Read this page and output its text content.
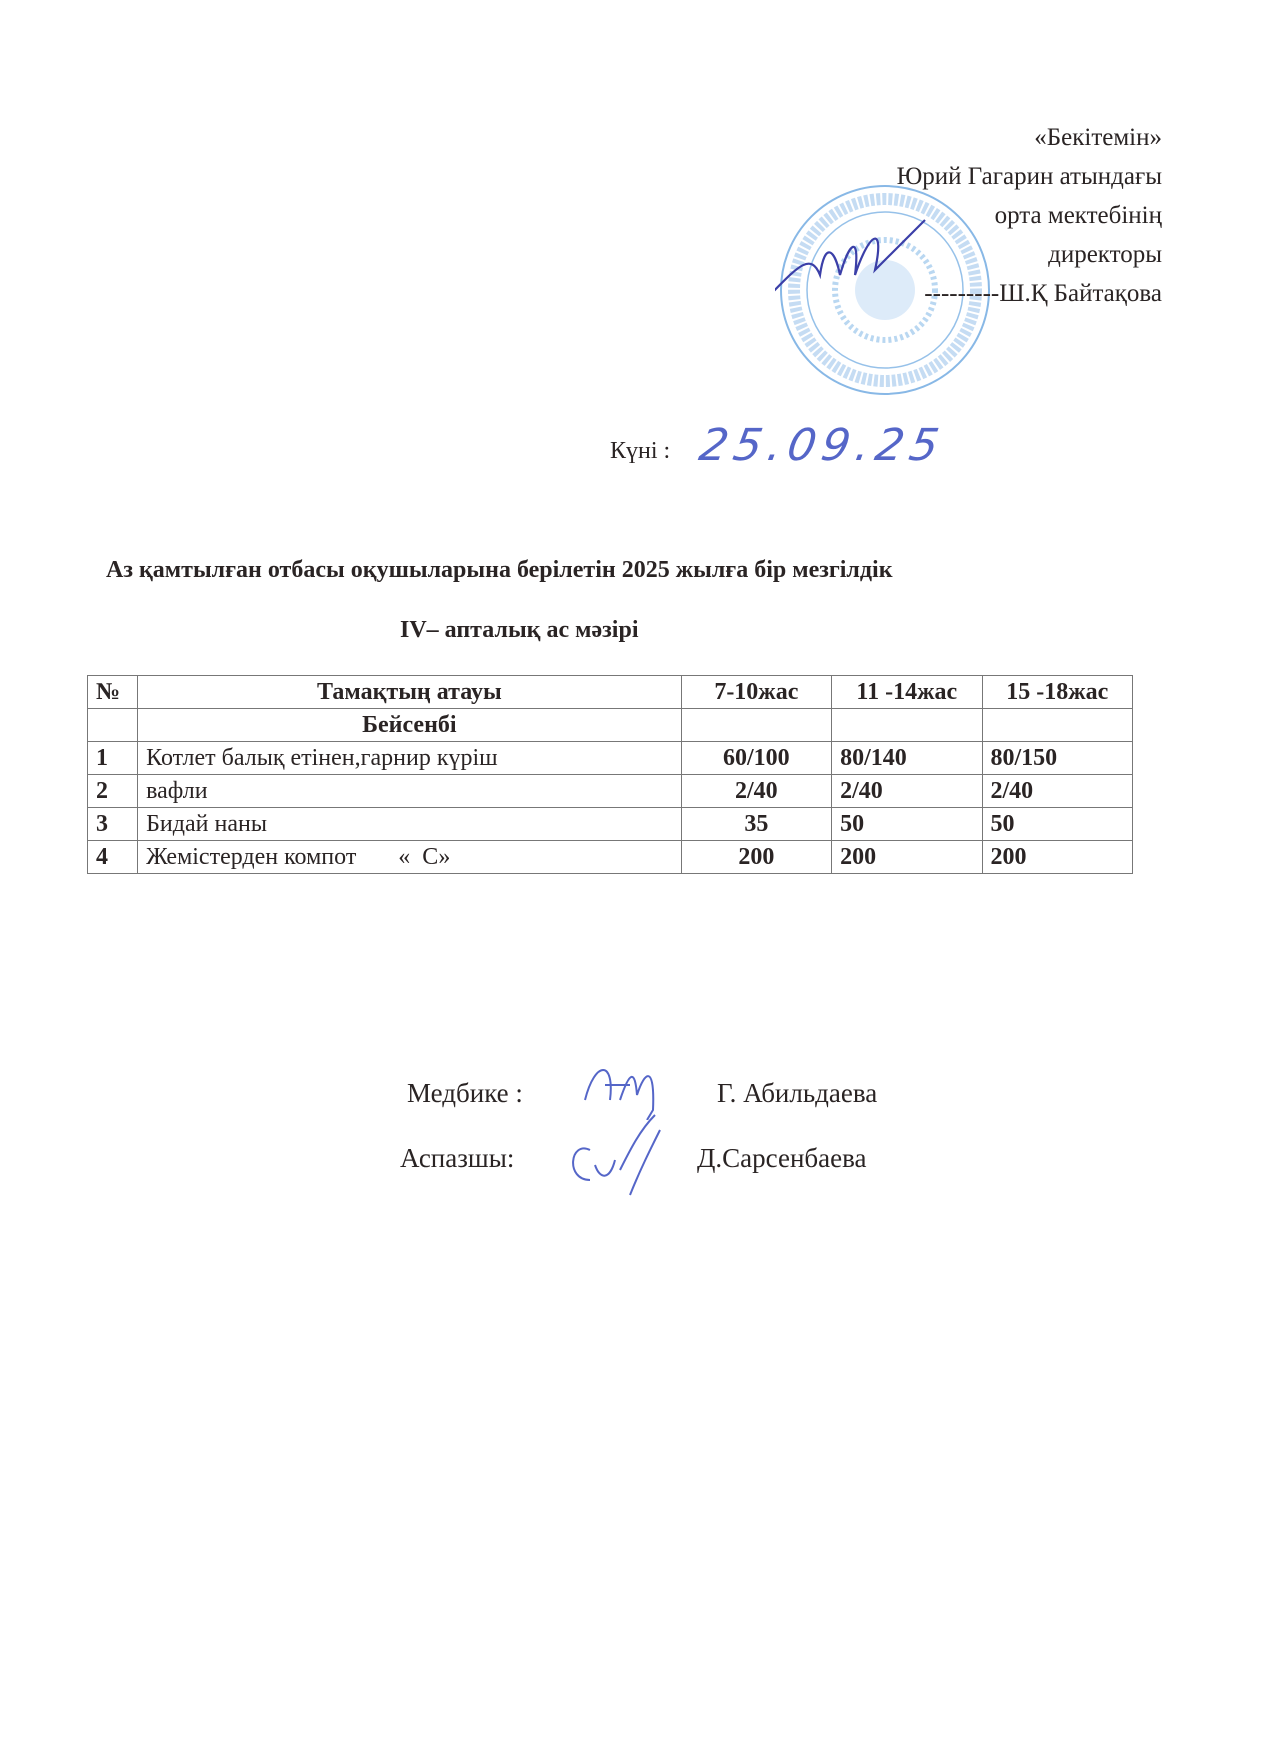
«Бекітемін»
Юрий Гагарин атындағы
орта мектебінің
директоры
---------Ш.Қ Байтақова
Күні : 25.09.25
Аз қамтылған отбасы оқушыларына берілетін 2025 жылға бір мезгілдік
IV– апталық ас мәзірі
№	Тамақтың атауы	7-10жас	11 -14жас	15 -18жас
	Бейсенбі			
1	Котлет балық етінен,гарнир күріш	60/100	80/140	80/150
2	вафли	2/40	2/40	2/40
3	Бидай наны	35	50	50
4	Жемістерден компот       «  С»	200	200	200
Медбике :	Г. Абильдаева
Аспазшы:	Д.Сарсенбаева
